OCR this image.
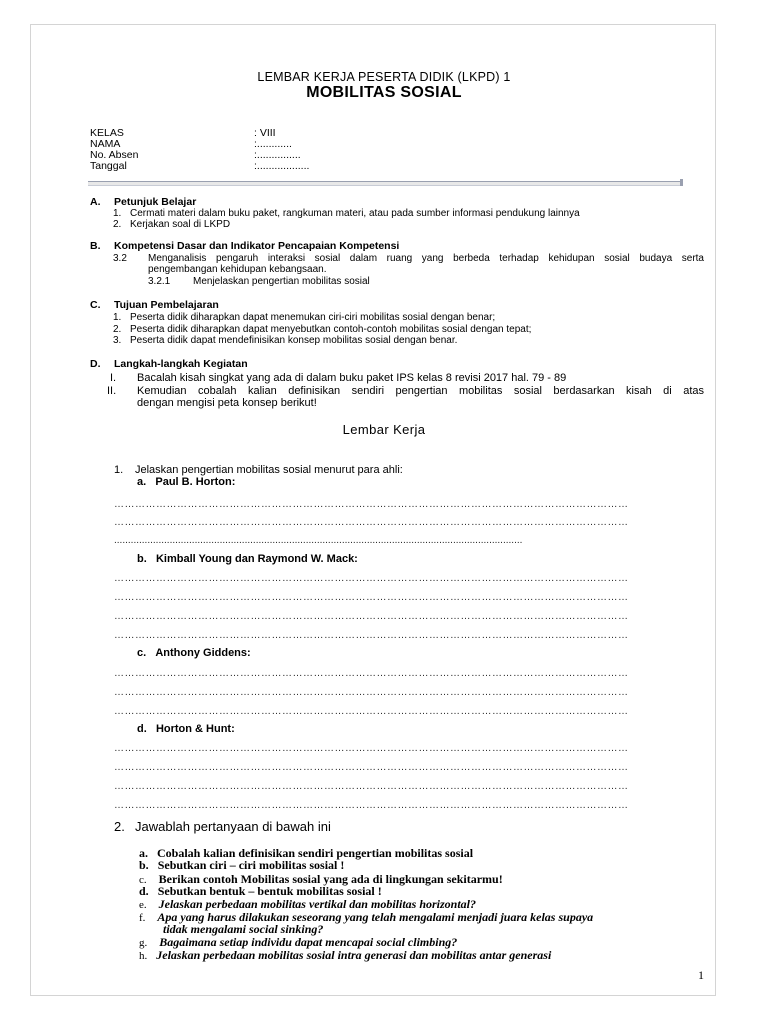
LEMBAR KERJA PESERTA DIDIK (LKPD) 1
MOBILITAS SOSIAL
KELAS	: VIII
NAMA	:............
No. Absen	:...............
Tanggal	:..................
A. Petunjuk Belajar
1. Cermati materi dalam buku paket, rangkuman materi, atau pada sumber informasi pendukung lainnya
2. Kerjakan soal di LKPD
B. Kompetensi Dasar dan Indikator Pencapaian Kompetensi
3.2 Menganalisis pengaruh interaksi sosial dalam ruang yang berbeda terhadap kehidupan sosial budaya serta
pengembangan kehidupan kebangsaan.
3.2.1 Menjelaskan pengertian mobilitas sosial
C. Tujuan Pembelajaran
1. Peserta didik diharapkan dapat menemukan ciri-ciri mobilitas sosial dengan benar;
2. Peserta didik diharapkan dapat menyebutkan contoh-contoh mobilitas sosial dengan tepat;
3. Peserta didik dapat mendefinisikan konsep mobilitas sosial dengan benar.
D. Langkah-langkah Kegiatan
I. Bacalah kisah singkat yang ada di dalam buku paket IPS kelas 8 revisi 2017 hal. 79 - 89
II. Kemudian cobalah kalian definisikan sendiri pengertian mobilitas sosial berdasarkan kisah di atas
dengan mengisi peta konsep berikut!
Lembar Kerja
1. Jelaskan pengertian mobilitas sosial menurut para ahli:
a. Paul B. Horton:
…………………………………………………………………………………………………………………………………
…………………………………………………………………………………………………………………………………
...................................................................................................................................................
b. Kimball Young dan Raymond W. Mack:
…………………………………………………………………………………………………………………………………
…………………………………………………………………………………………………………………………………
…………………………………………………………………………………………………………………………………
…………………………………………………………………………………………………………………………………
c. Anthony Giddens:
…………………………………………………………………………………………………………………………………
…………………………………………………………………………………………………………………………………
…………………………………………………………………………………………………………………………………
d. Horton & Hunt:
…………………………………………………………………………………………………………………………………
…………………………………………………………………………………………………………………………………
…………………………………………………………………………………………………………………………………
…………………………………………………………………………………………………………………………………
2. Jawablah pertanyaan di bawah ini
a. Cobalah kalian definisikan sendiri pengertian mobilitas sosial
b. Sebutkan ciri – ciri mobilitas sosial !
c. Berikan contoh Mobilitas sosial yang ada di lingkungan sekitarmu!
d. Sebutkan bentuk – bentuk mobilitas sosial !
e. Jelaskan perbedaan mobilitas vertikal dan mobilitas horizontal?
f. Apa yang harus dilakukan seseorang yang telah mengalami menjadi juara kelas supaya
tidak mengalami social sinking?
g. Bagaimana setiap individu dapat mencapai social climbing?
h. Jelaskan perbedaan mobilitas sosial intra generasi dan mobilitas antar generasi
1
